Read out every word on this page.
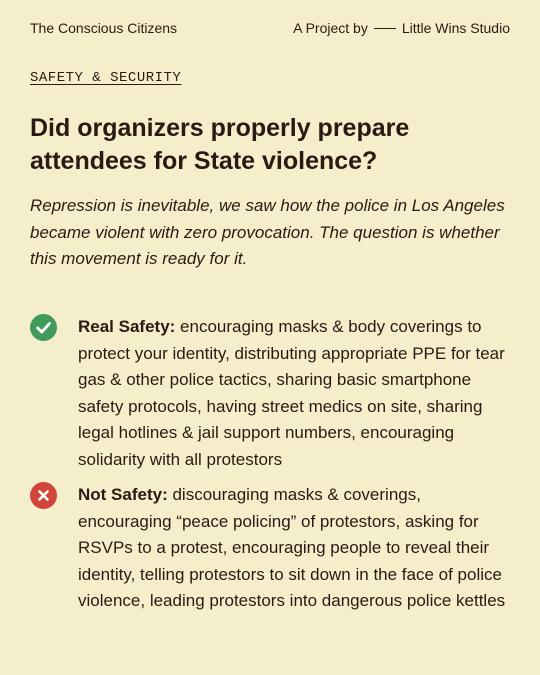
The Conscious Citizens	A Project by Little Wins Studio
SAFETY & SECURITY
Did organizers properly prepare attendees for State violence?

Repression is inevitable, we saw how the police in Los Angeles became violent with zero provocation. The question is whether this movement is ready for it.

Real Safety: encouraging masks & body coverings to protect your identity, distributing appropriate PPE for tear gas & other police tactics, sharing basic smartphone safety protocols, having street medics on site, sharing legal hotlines & jail support numbers, encouraging solidarity with all protestors

Not Safety: discouraging masks & coverings, encouraging “peace policing” of protestors, asking for RSVPs to a protest, encouraging people to reveal their identity, telling protestors to sit down in the face of police violence, leading protestors into dangerous police kettles
